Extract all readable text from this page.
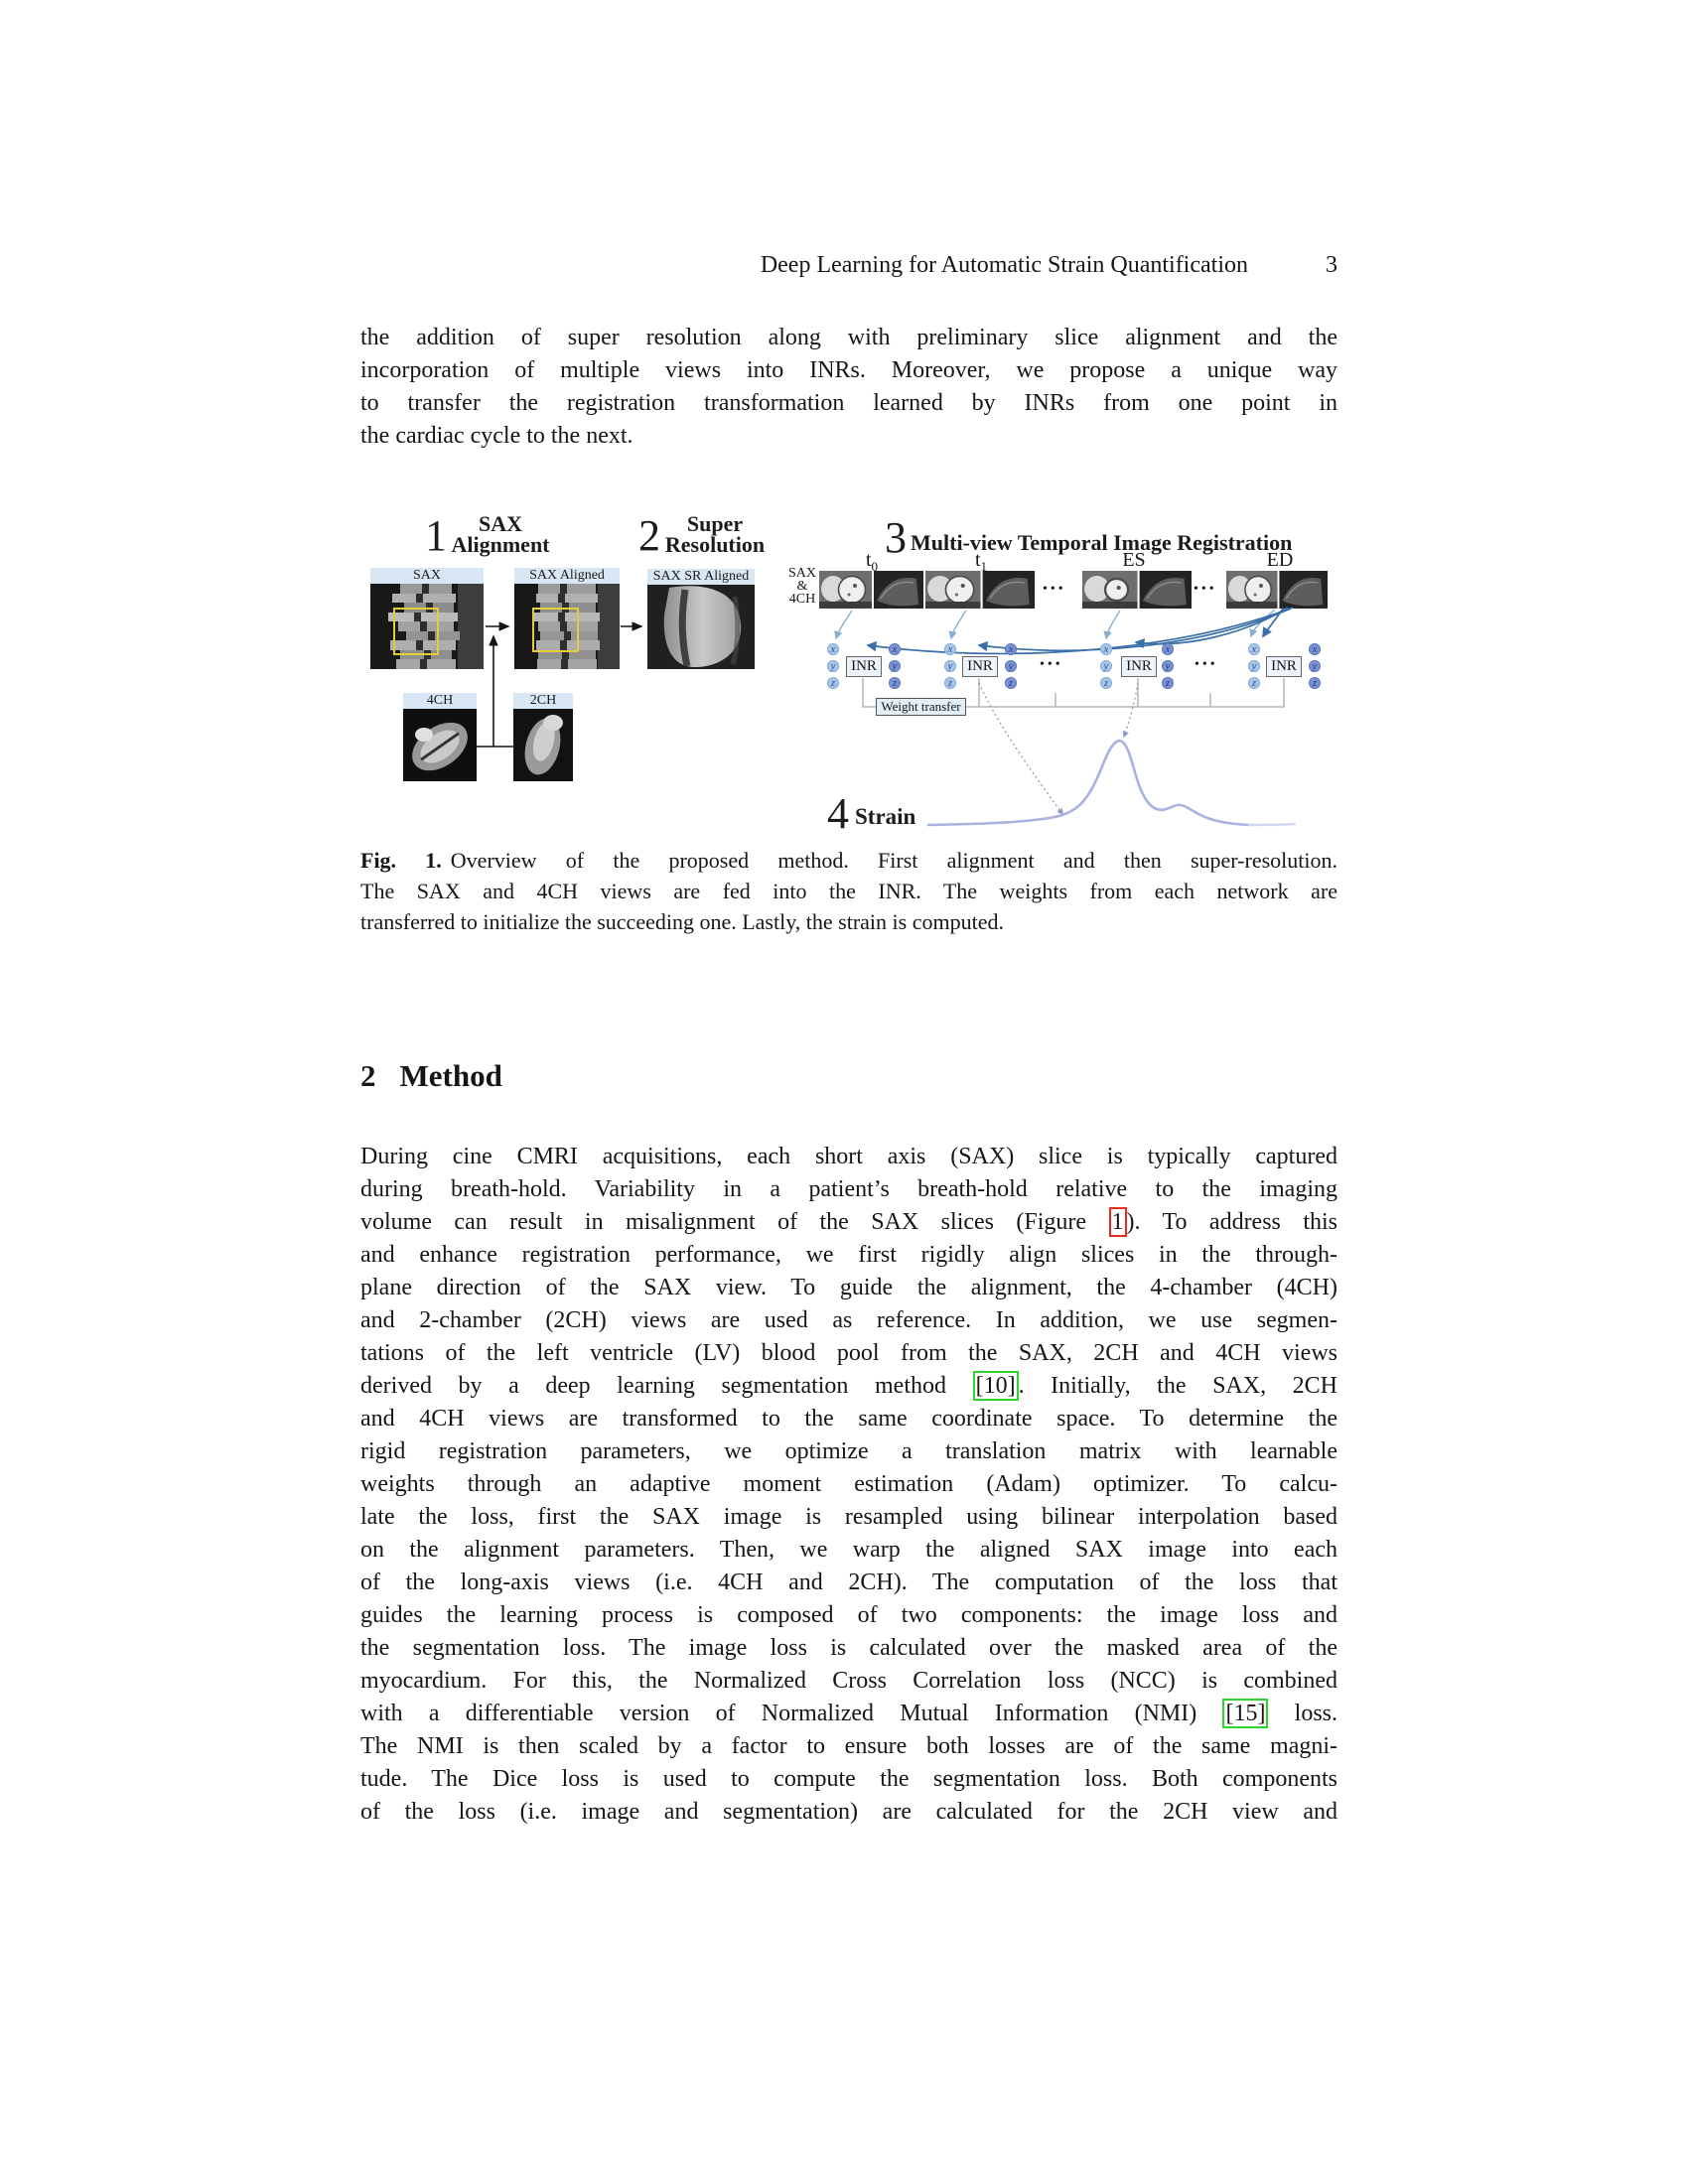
Deep Learning for Automatic Strain Quantification	3
the addition of super resolution along with preliminary slice alignment and the
incorporation of multiple views into INRs. Moreover, we propose a unique way
to transfer the registration transformation learned by INRs from one point in
the cardiac cycle to the next.
1	SAX
Alignment 2	Super
Resolution	3 Multi-view Temporal Image Registration
SAX	SAX Aligned	SAX SR Aligned
4CH	2CH
SAX
&
4CH
$t_0$	$t_1$	ES	ED
•••	•••
•••	•••
x
y
z
x
y
z
x
y
z
x
y
z
x
y
z
x
y
z
x
y
z
x
y
z
INR	INR	INR	INR
Weight transfer
4 Strain
Fig. 1. Overview of the proposed method. First alignment and then super-resolution.
The SAX and 4CH views are fed into the INR. The weights from each network are
transferred to initialize the succeeding one. Lastly, the strain is computed.
2 Method
During cine CMRI acquisitions, each short axis (SAX) slice is typically captured
during breath-hold. Variability in a patient’s breath-hold relative to the imaging
volume can result in misalignment of the SAX slices (Figure 1 ). To address this
and enhance registration performance, we first rigidly align slices in the through-
plane direction of the SAX view. To guide the alignment, the 4-chamber (4CH)
and 2-chamber (2CH) views are used as reference. In addition, we use segmen-
tations of the left ventricle (LV) blood pool from the SAX, 2CH and 4CH views
derived by a deep learning segmentation method [10] . Initially, the SAX, 2CH
and 4CH views are transformed to the same coordinate space. To determine the
rigid registration parameters, we optimize a translation matrix with learnable
weights through an adaptive moment estimation (Adam) optimizer. To calcu-
late the loss, first the SAX image is resampled using bilinear interpolation based
on the alignment parameters. Then, we warp the aligned SAX image into each
of the long-axis views (i.e. 4CH and 2CH). The computation of the loss that
guides the learning process is composed of two components: the image loss and
the segmentation loss. The image loss is calculated over the masked area of the
myocardium. For this, the Normalized Cross Correlation loss (NCC) is combined
with a differentiable version of Normalized Mutual Information (NMI) [15] loss.
The NMI is then scaled by a factor to ensure both losses are of the same magni-
tude. The Dice loss is used to compute the segmentation loss. Both components
of the loss (i.e. image and segmentation) are calculated for the 2CH view and
